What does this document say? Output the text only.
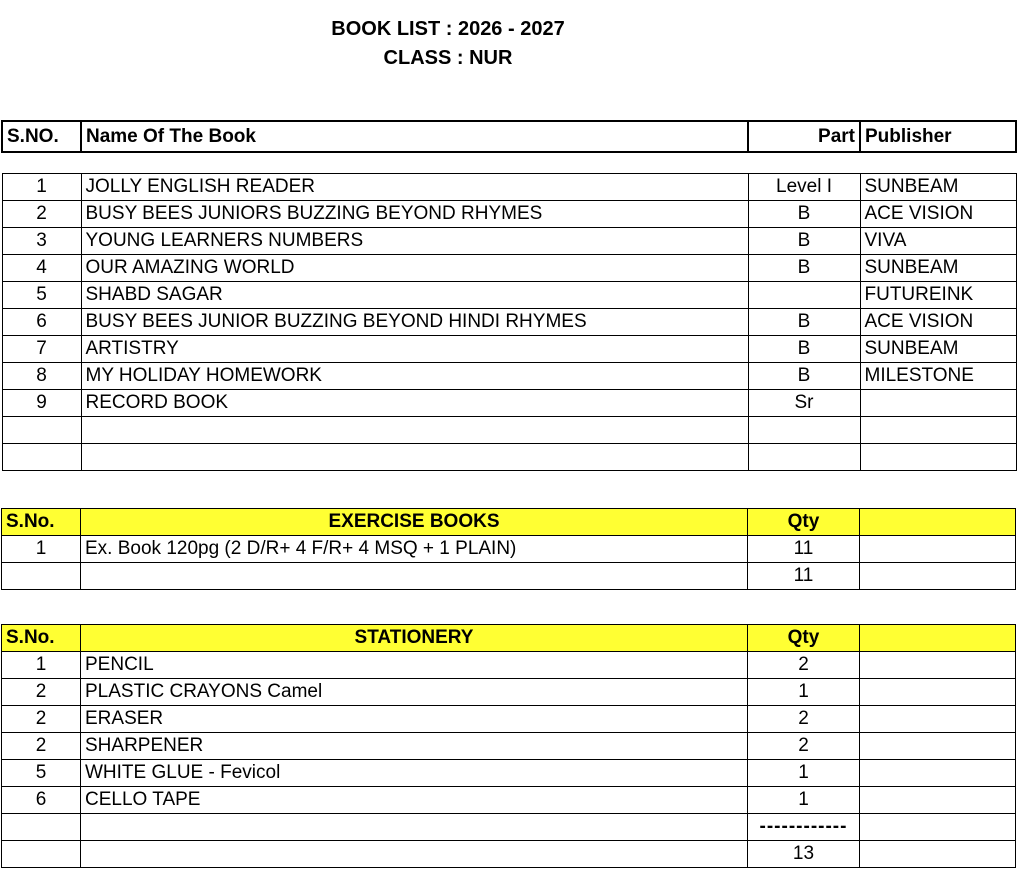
BOOK LIST : 2026 - 2027
CLASS : NUR
S.NO.	Name Of The Book	Part	Publisher

1	JOLLY ENGLISH READER	Level I	SUNBEAM
2	BUSY BEES JUNIORS BUZZING BEYOND RHYMES	B	ACE VISION
3	YOUNG LEARNERS NUMBERS	B	VIVA
4	OUR AMAZING WORLD	B	SUNBEAM
5	SHABD SAGAR		FUTUREINK
6	BUSY BEES JUNIOR BUZZING BEYOND HINDI RHYMES	B	ACE VISION
7	ARTISTRY	B	SUNBEAM
8	MY HOLIDAY HOMEWORK	B	MILESTONE
9	RECORD BOOK	Sr	

S.No.	EXERCISE BOOKS	Qty	
1	Ex. Book 120pg (2 D/R+ 4 F/R+ 4 MSQ + 1 PLAIN)	11	
		11	
S.No.	STATIONERY	Qty	
1	PENCIL	2	
2	PLASTIC CRAYONS Camel	1	
2	ERASER	2	
2	SHARPENER	2	
5	WHITE GLUE - Fevicol	1	
6	CELLO TAPE	1	
		------------	
		13	
